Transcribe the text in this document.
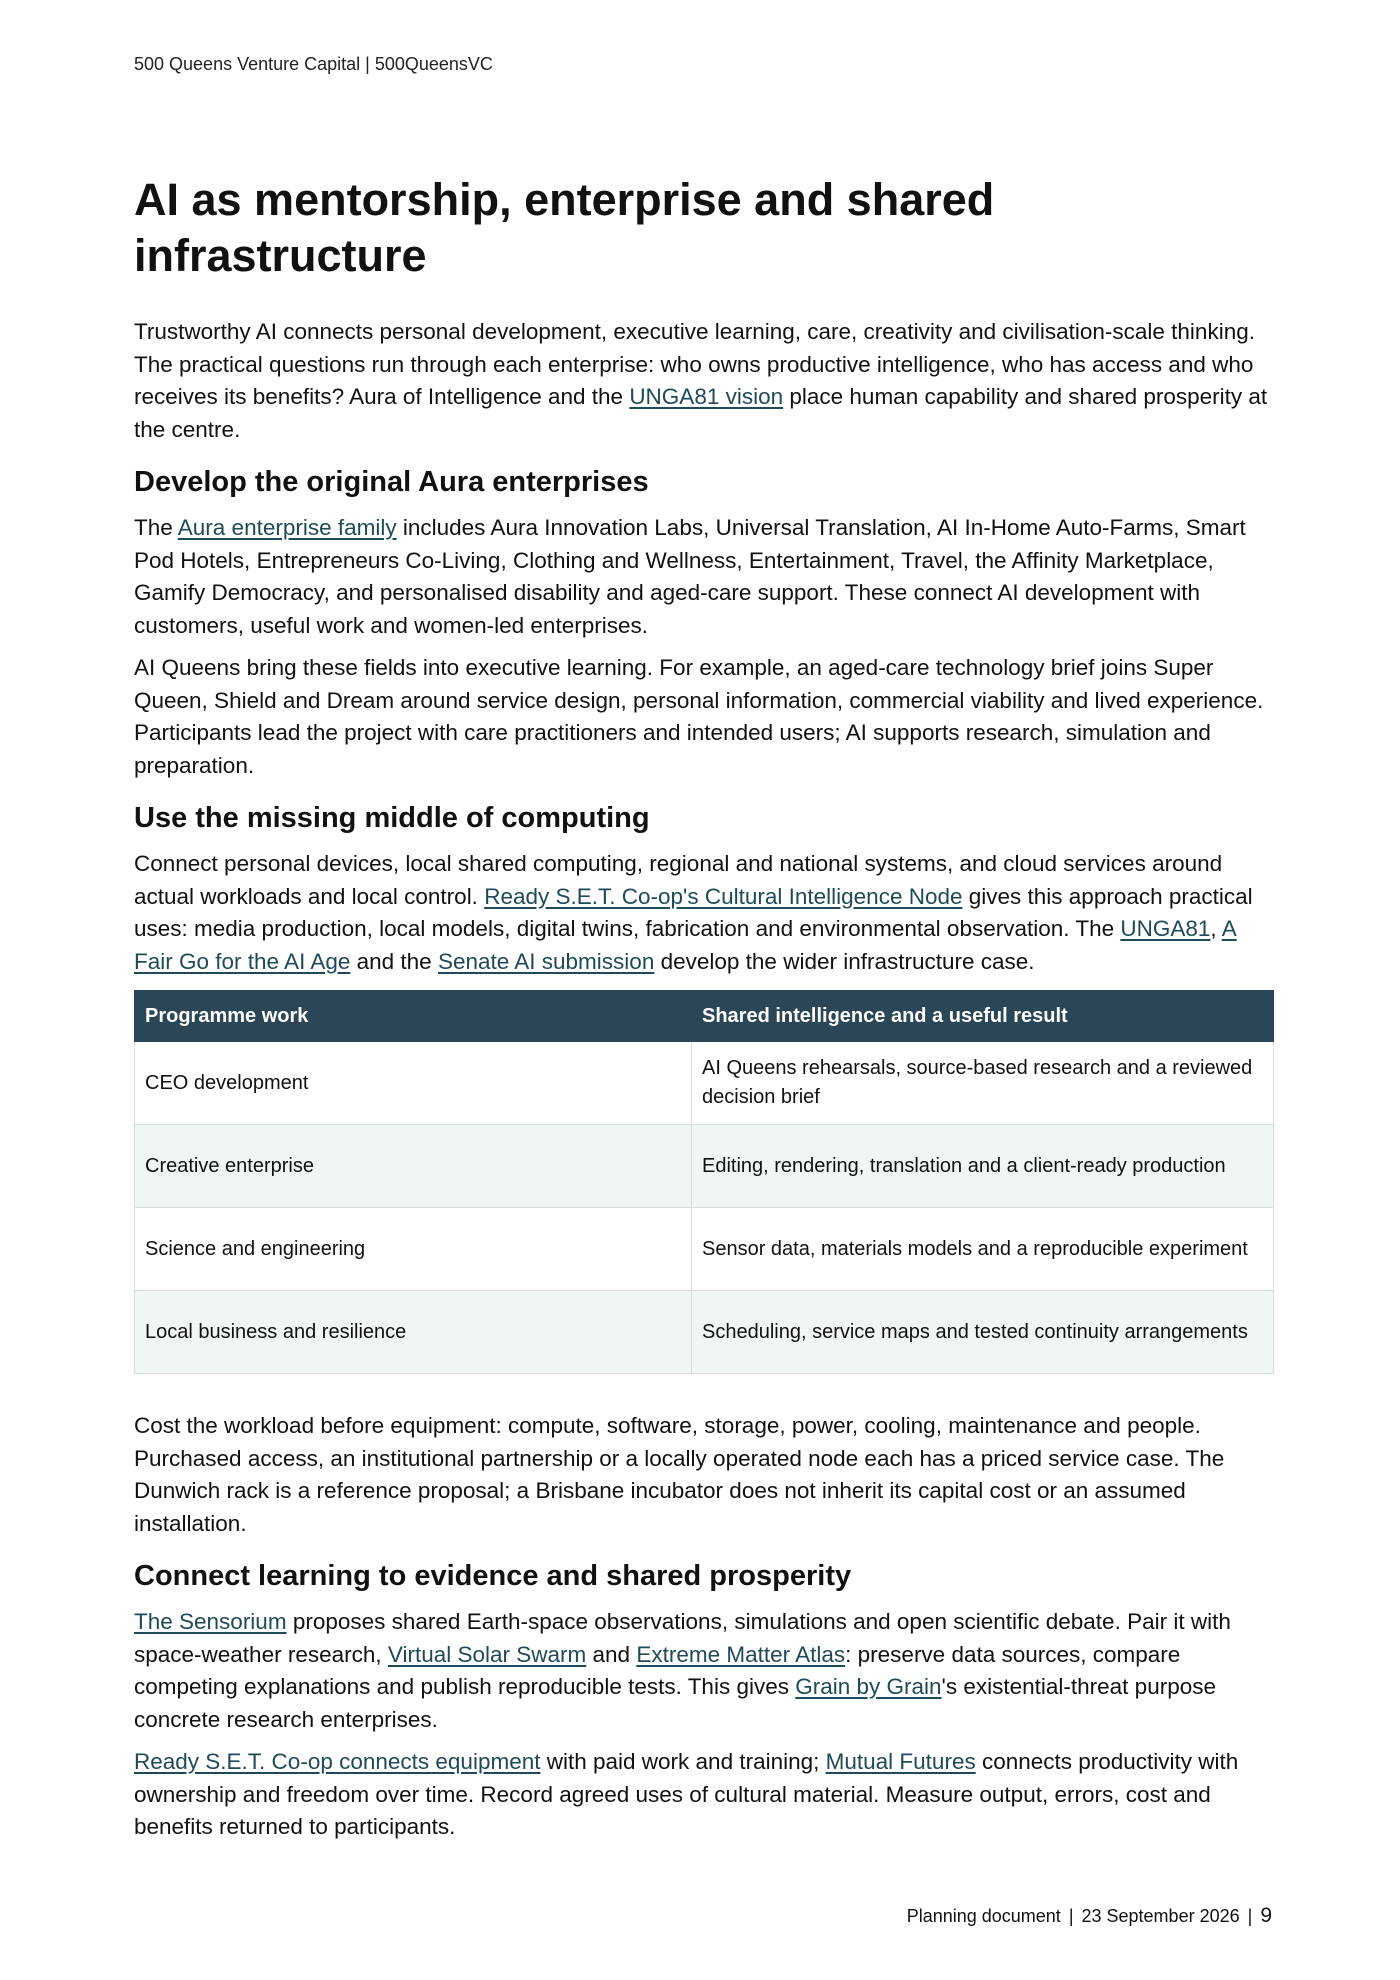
500 Queens Venture Capital | 500QueensVC
AI as mentorship, enterprise and shared infrastructure

Trustworthy AI connects personal development, executive learning, care, creativity and civilisation-scale thinking. The practical questions run through each enterprise: who owns productive intelligence, who has access and who receives its benefits? Aura of Intelligence and the UNGA81 vision place human capability and shared prosperity at the centre.

Develop the original Aura enterprises

The Aura enterprise family includes Aura Innovation Labs, Universal Translation, AI In-Home Auto-Farms, Smart Pod Hotels, Entrepreneurs Co-Living, Clothing and Wellness, Entertainment, Travel, the Affinity Marketplace, Gamify Democracy, and personalised disability and aged-care support. These connect AI development with customers, useful work and women-led enterprises.

AI Queens bring these fields into executive learning. For example, an aged-care technology brief joins Super Queen, Shield and Dream around service design, personal information, commercial viability and lived experience. Participants lead the project with care practitioners and intended users; AI supports research, simulation and preparation.

Use the missing middle of computing

Connect personal devices, local shared computing, regional and national systems, and cloud services around actual workloads and local control. Ready S.E.T. Co-op's Cultural Intelligence Node gives this approach practical uses: media production, local models, digital twins, fabrication and environmental observation. The UNGA81, A Fair Go for the AI Age and the Senate AI submission develop the wider infrastructure case.

Programme work	Shared intelligence and a useful result
CEO development	AI Queens rehearsals, source-based research and a reviewed decision brief
Creative enterprise	Editing, rendering, translation and a client-ready production
Science and engineering	Sensor data, materials models and a reproducible experiment
Local business and resilience	Scheduling, service maps and tested continuity arrangements

Cost the workload before equipment: compute, software, storage, power, cooling, maintenance and people. Purchased access, an institutional partnership or a locally operated node each has a priced service case. The Dunwich rack is a reference proposal; a Brisbane incubator does not inherit its capital cost or an assumed installation.

Connect learning to evidence and shared prosperity

The Sensorium proposes shared Earth-space observations, simulations and open scientific debate. Pair it with space-weather research, Virtual Solar Swarm and Extreme Matter Atlas: preserve data sources, compare competing explanations and publish reproducible tests. This gives Grain by Grain's existential-threat purpose concrete research enterprises.

Ready S.E.T. Co-op connects equipment with paid work and training; Mutual Futures connects productivity with ownership and freedom over time. Record agreed uses of cultural material. Measure output, errors, cost and benefits returned to participants.

Planning document | 23 September 2026 | 9
